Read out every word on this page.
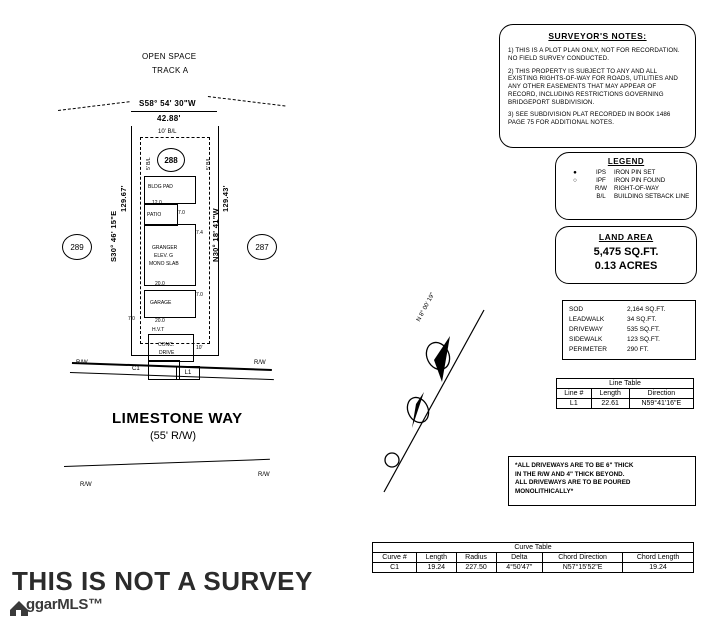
OPEN SPACE
TRACK A
S58° 54' 30"W
42.88'
10' B/L
5' B/L	5' B/L
288
289	287
129.67'
S30° 46' 15"E
129.43'
N30° 18' 41"W
BLDG PAD
PATIO
12.0
7.0
GRANGER
ELEV. G
MONO SLAB
20.0
7.4
GARAGE
20.0
7.0
7.0
H.V.T
CONC.
DRIVE
10'
R/W	R/W
C1
L1
LIMESTONE WAY
(55' R/W)
R/W
R/W
N 8° 00' 19"
SURVEYOR'S NOTES:
1) THIS IS A PLOT PLAN ONLY, NOT FOR RECORDATION. NO FIELD SURVEY CONDUCTED.
2) THIS PROPERTY IS SUBJECT TO ANY AND ALL EXISTING RIGHTS-OF-WAY FOR ROADS, UTILITIES AND ANY OTHER EASEMENTS THAT MAY APPEAR OF RECORD, INCLUDING RESTRICTIONS GOVERNING BRIDGEPORT SUBDIVISION.
3) SEE SUBDIVISION PLAT RECORDED IN BOOK 1486 PAGE 75 FOR ADDITIONAL NOTES.
LEGEND
●	IPS	IRON PIN SET
○	IPF	IRON PIN FOUND
R/W	RIGHT-OF-WAY
B/L	BUILDING SETBACK LINE
LAND AREA
5,475 SQ.FT.
0.13 ACRES
SOD	2,164 SQ.FT.
LEADWALK	34 SQ.FT.
DRIVEWAY	535 SQ.FT.
SIDEWALK	123 SQ.FT.
PERIMETER	290 FT.
Line Table		
Line #	Length	Direction
L1	22.61	N59°41'16"E
*ALL DRIVEWAYS ARE TO BE 6" THICK
IN THE R/W AND 4" THICK BEYOND.
ALL DRIVEWAYS ARE TO BE POURED
MONOLITHICALLY*
Curve Table					
Curve #	Length	Radius	Delta	Chord Direction	Chord Length
C1	19.24	227.50	4°50'47"	N57°15'52"E	19.24
THIS IS NOT A SURVEY
ggarMLS™
